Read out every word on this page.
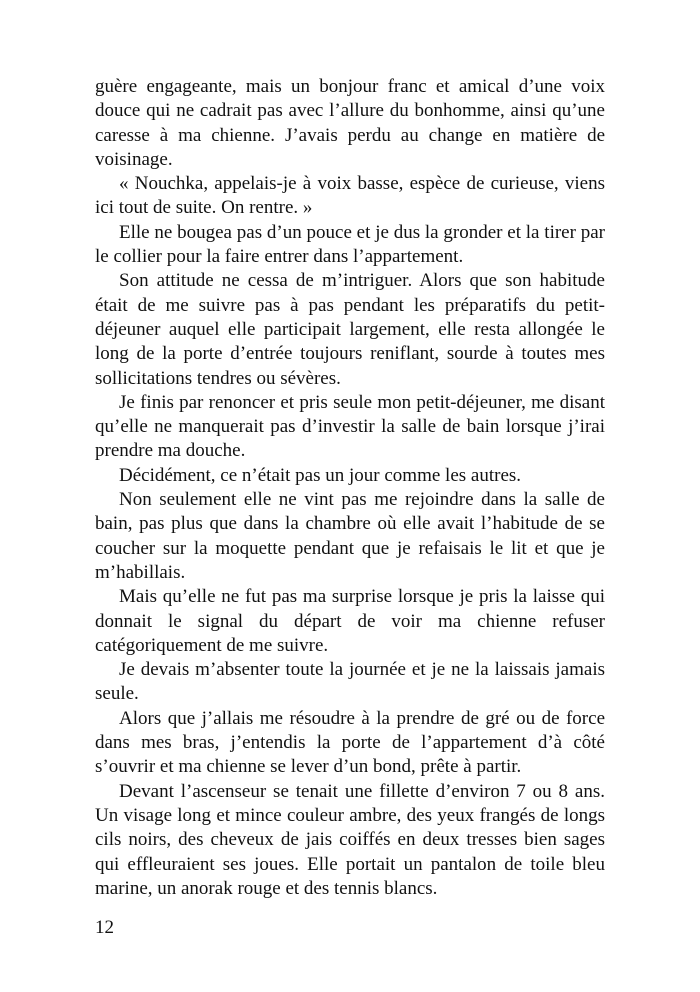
guère engageante, mais un bonjour franc et amical d’une voix douce qui ne cadrait pas avec l’allure du bonhomme, ainsi qu’une caresse à ma chienne. J’avais perdu au change en matière de voisinage.

« Nouchka, appelais-je à voix basse, espèce de curieuse, viens ici tout de suite. On rentre. »

Elle ne bougea pas d’un pouce et je dus la gronder et la tirer par le collier pour la faire entrer dans l’appartement.

Son attitude ne cessa de m’intriguer. Alors que son habitude était de me suivre pas à pas pendant les préparatifs du petit-déjeuner auquel elle participait largement, elle resta allongée le long de la porte d’entrée toujours reniflant, sourde à toutes mes sollicitations tendres ou sévères.

Je finis par renoncer et pris seule mon petit-déjeuner, me disant qu’elle ne manquerait pas d’investir la salle de bain lorsque j’irai prendre ma douche.

Décidément, ce n’était pas un jour comme les autres.

Non seulement elle ne vint pas me rejoindre dans la salle de bain, pas plus que dans la chambre où elle avait l’habitude de se coucher sur la moquette pendant que je refaisais le lit et que je m’habillais.

Mais qu’elle ne fut pas ma surprise lorsque je pris la laisse qui donnait le signal du départ de voir ma chienne refuser catégoriquement de me suivre.

Je devais m’absenter toute la journée et je ne la laissais jamais seule.

Alors que j’allais me résoudre à la prendre de gré ou de force dans mes bras, j’entendis la porte de l’appartement d’à côté s’ouvrir et ma chienne se lever d’un bond, prête à partir.

Devant l’ascenseur se tenait une fillette d’environ 7 ou 8 ans. Un visage long et mince couleur ambre, des yeux frangés de longs cils noirs, des cheveux de jais coiffés en deux tresses bien sages qui effleuraient ses joues. Elle portait un pantalon de toile bleu marine, un anorak rouge et des tennis blancs.

12
